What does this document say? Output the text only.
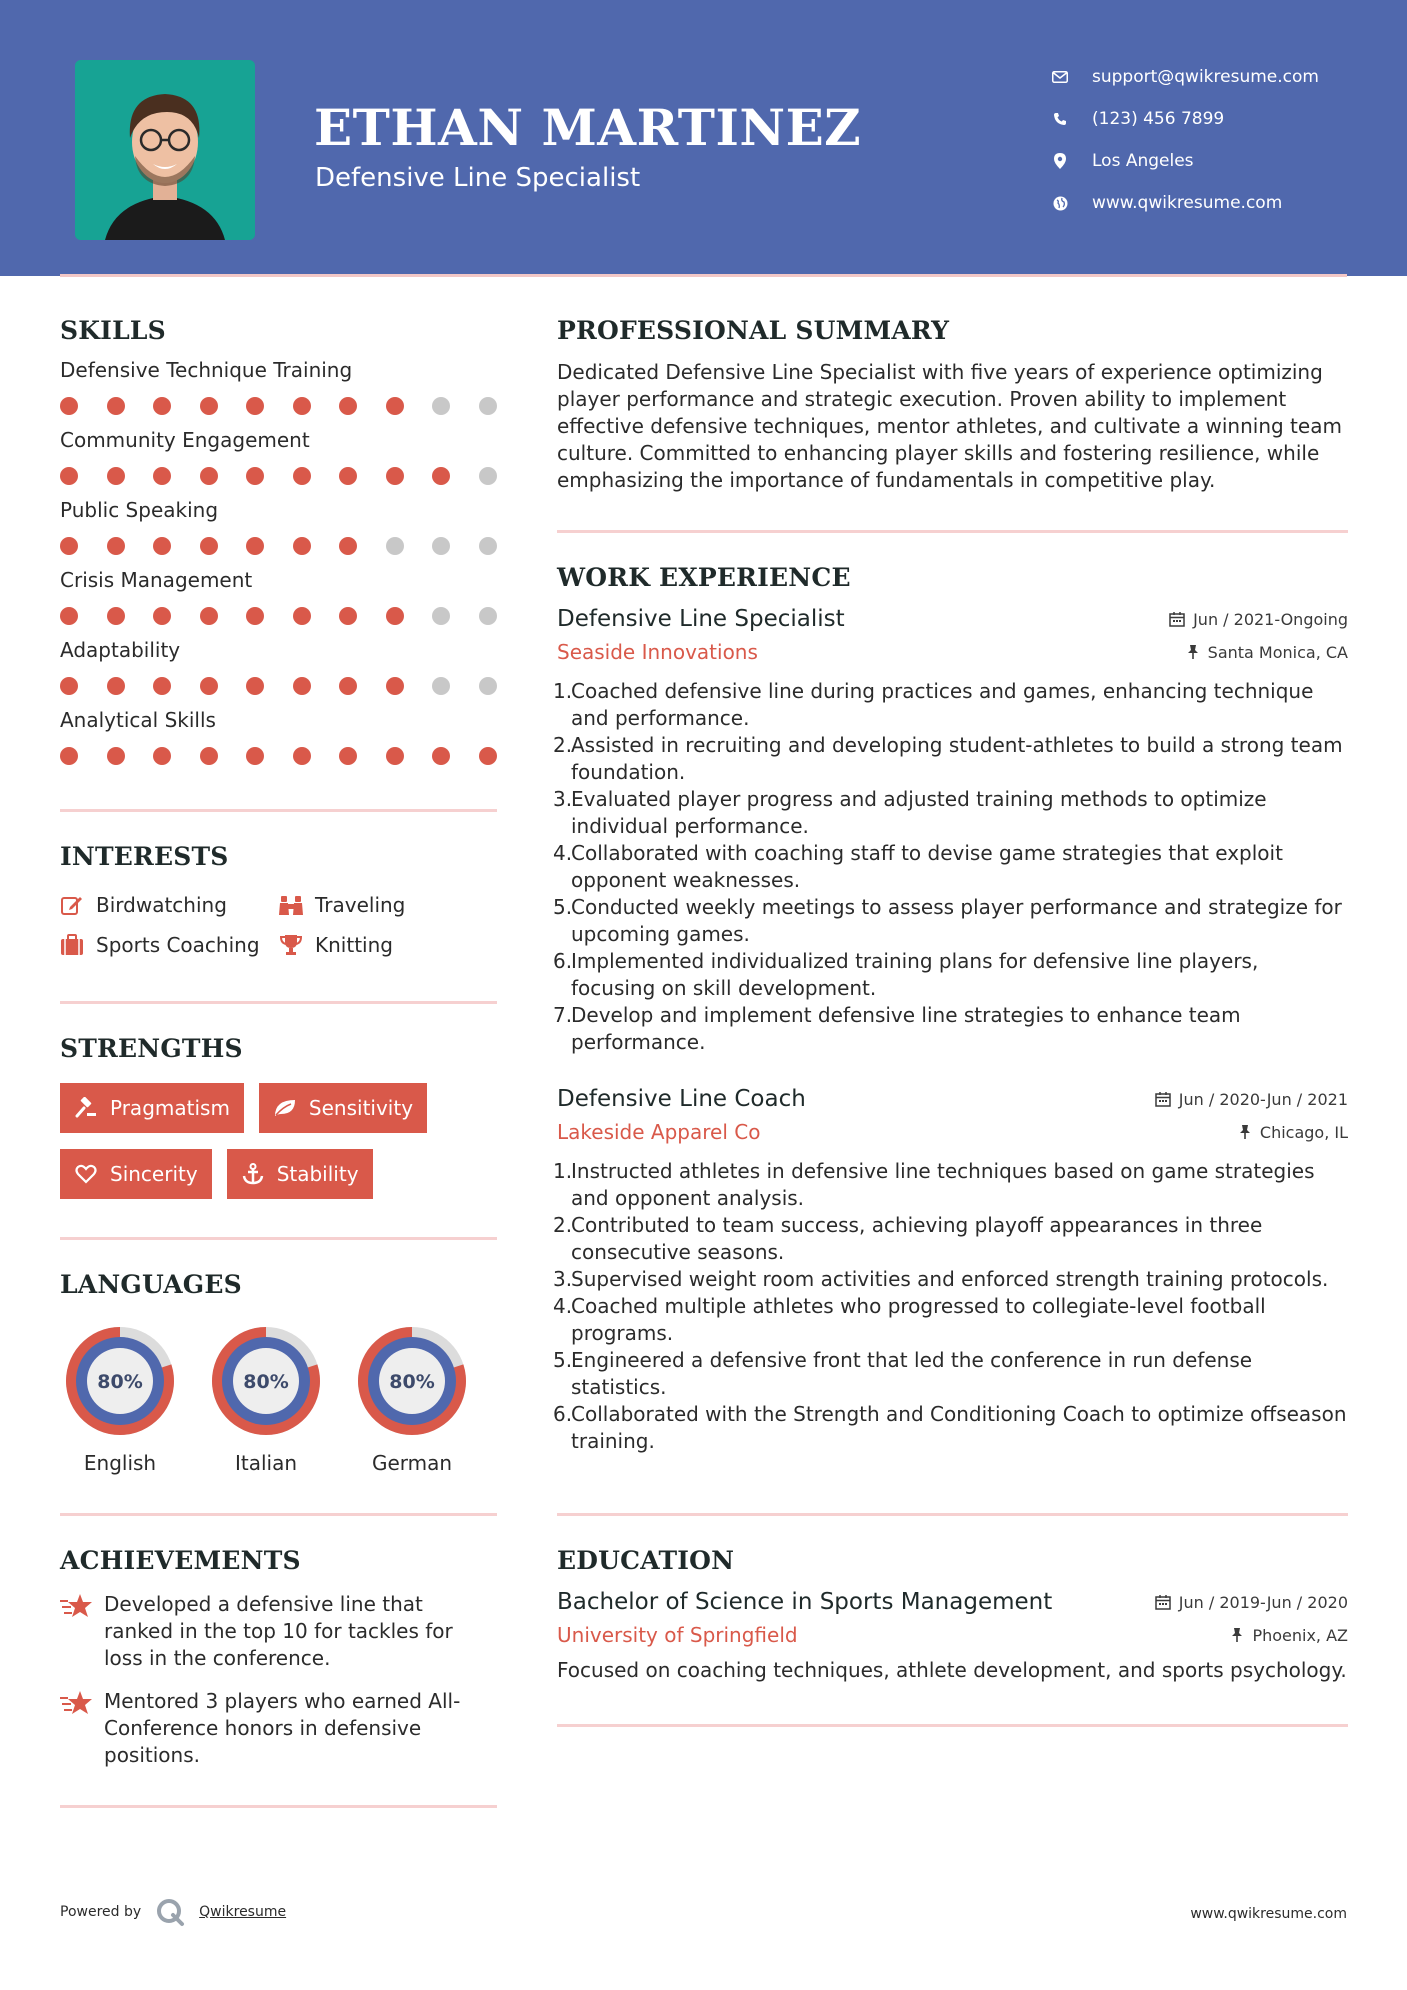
ETHAN MARTINEZ
Defensive Line Specialist
support@qwikresume.com
(123) 456 7899
Los Angeles
www.qwikresume.com
SKILLS
Defensive Technique Training
Community Engagement
Public Speaking
Crisis Management
Adaptability
Analytical Skills
INTERESTS
Birdwatching	Traveling
Sports Coaching	Knitting
STRENGTHS
Pragmatism	Sensitivity
Sincerity	Stability
LANGUAGES
80%
English
80%
Italian
80%
German
ACHIEVEMENTS
Developed a defensive line that ranked in the top 10 for tackles for loss in the conference.
Mentored 3 players who earned All-Conference honors in defensive positions.
PROFESSIONAL SUMMARY
Dedicated Defensive Line Specialist with five years of experience optimizing player performance and strategic execution. Proven ability to implement effective defensive techniques, mentor athletes, and cultivate a winning team culture. Committed to enhancing player skills and fostering resilience, while emphasizing the importance of fundamentals in competitive play.
WORK EXPERIENCE
Defensive Line Specialist	Jun / 2021-Ongoing
Seaside Innovations	Santa Monica, CA
1.
Coached defensive line during practices and games, enhancing technique and performance.
2.
Assisted in recruiting and developing student-athletes to build a strong team foundation.
3.
Evaluated player progress and adjusted training methods to optimize individual performance.
4.
Collaborated with coaching staff to devise game strategies that exploit opponent weaknesses.
5.
Conducted weekly meetings to assess player performance and strategize for upcoming games.
6.
Implemented individualized training plans for defensive line players, focusing on skill development.
7.
Develop and implement defensive line strategies to enhance team performance.
Defensive Line Coach	Jun / 2020-Jun / 2021
Lakeside Apparel Co	Chicago, IL
1.
Instructed athletes in defensive line techniques based on game strategies and opponent analysis.
2.
Contributed to team success, achieving playoff appearances in three consecutive seasons.
3.
Supervised weight room activities and enforced strength training protocols.
4.
Coached multiple athletes who progressed to collegiate-level football programs.
5.
Engineered a defensive front that led the conference in run defense statistics.
6.
Collaborated with the Strength and Conditioning Coach to optimize offseason training.
EDUCATION
Bachelor of Science in Sports Management	Jun / 2019-Jun / 2020
University of Springfield	Phoenix, AZ
Focused on coaching techniques, athlete development, and sports psychology.
Powered by	Qwikresume	www.qwikresume.com
